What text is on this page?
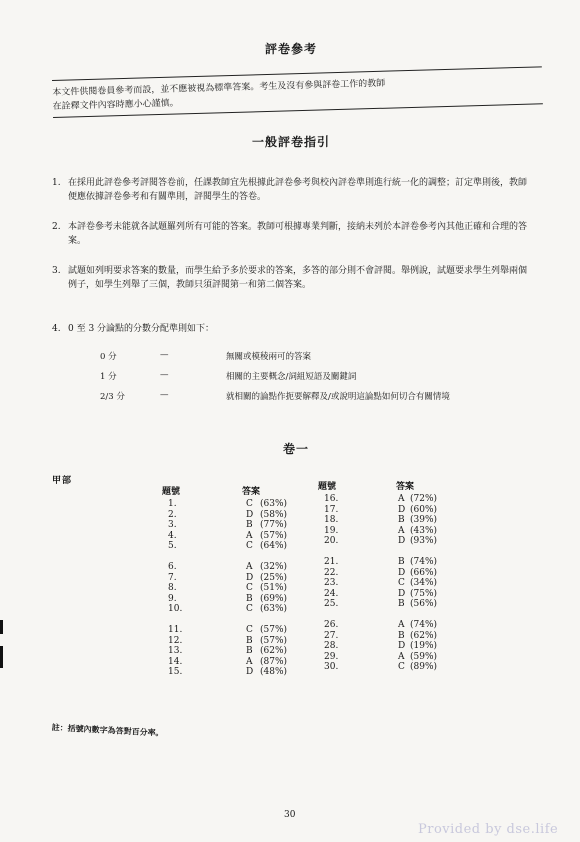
評卷參考
本文件供閱卷員參考而設，並不應被視為標準答案。考生及沒有參與評卷工作的教師
在詮釋文件內容時應小心謹慎。
一般評卷指引
1. 在採用此評卷參考評閱答卷前，任課教師宜先根據此評卷參考與校內評卷準則進行統一化的調整；訂定準則後，教師便應依據評卷參考和有關準則，評閱學生的答卷。
2. 本評卷參考未能就各試題羅列所有可能的答案。教師可根據專業判斷，接納未列於本評卷參考內其他正確和合理的答案。
3. 試題如列明要求答案的數量，而學生給予多於要求的答案，多答的部分則不會評閱。舉例說，試題要求學生列舉兩個例子，如學生列舉了三個，教師只須評閱第一和第二個答案。
4. 0 至 3 分論點的分數分配準則如下：
0 分	—	無關或模稜兩可的答案
1 分	—	相關的主要概念/詞組短語及關鍵詞
2/3 分	—	就相關的論點作扼要解釋及/或說明這論點如何切合有關情境
卷一
甲部
題號	答案
1.	C (63%)
2.	D (58%)
3.	B (77%)
4.	A (57%)
5.	C (64%)
6.	A (32%)
7.	D (25%)
8.	C (51%)
9.	B (69%)
10.	C (63%)
11.	C (57%)
12.	B (57%)
13.	B (62%)
14.	A (87%)
15.	D (48%)
題號	答案
16.	A (72%)
17.	D (60%)
18.	B (39%)
19.	A (43%)
20.	D (93%)
21.	B (74%)
22.	D (66%)
23.	C (34%)
24.	D (75%)
25.	B (56%)
26.	A (74%)
27.	B (62%)
28.	D (19%)
29.	A (59%)
30.	C (89%)
註：括號內數字為答對百分率。
30
Provided by dse.life
